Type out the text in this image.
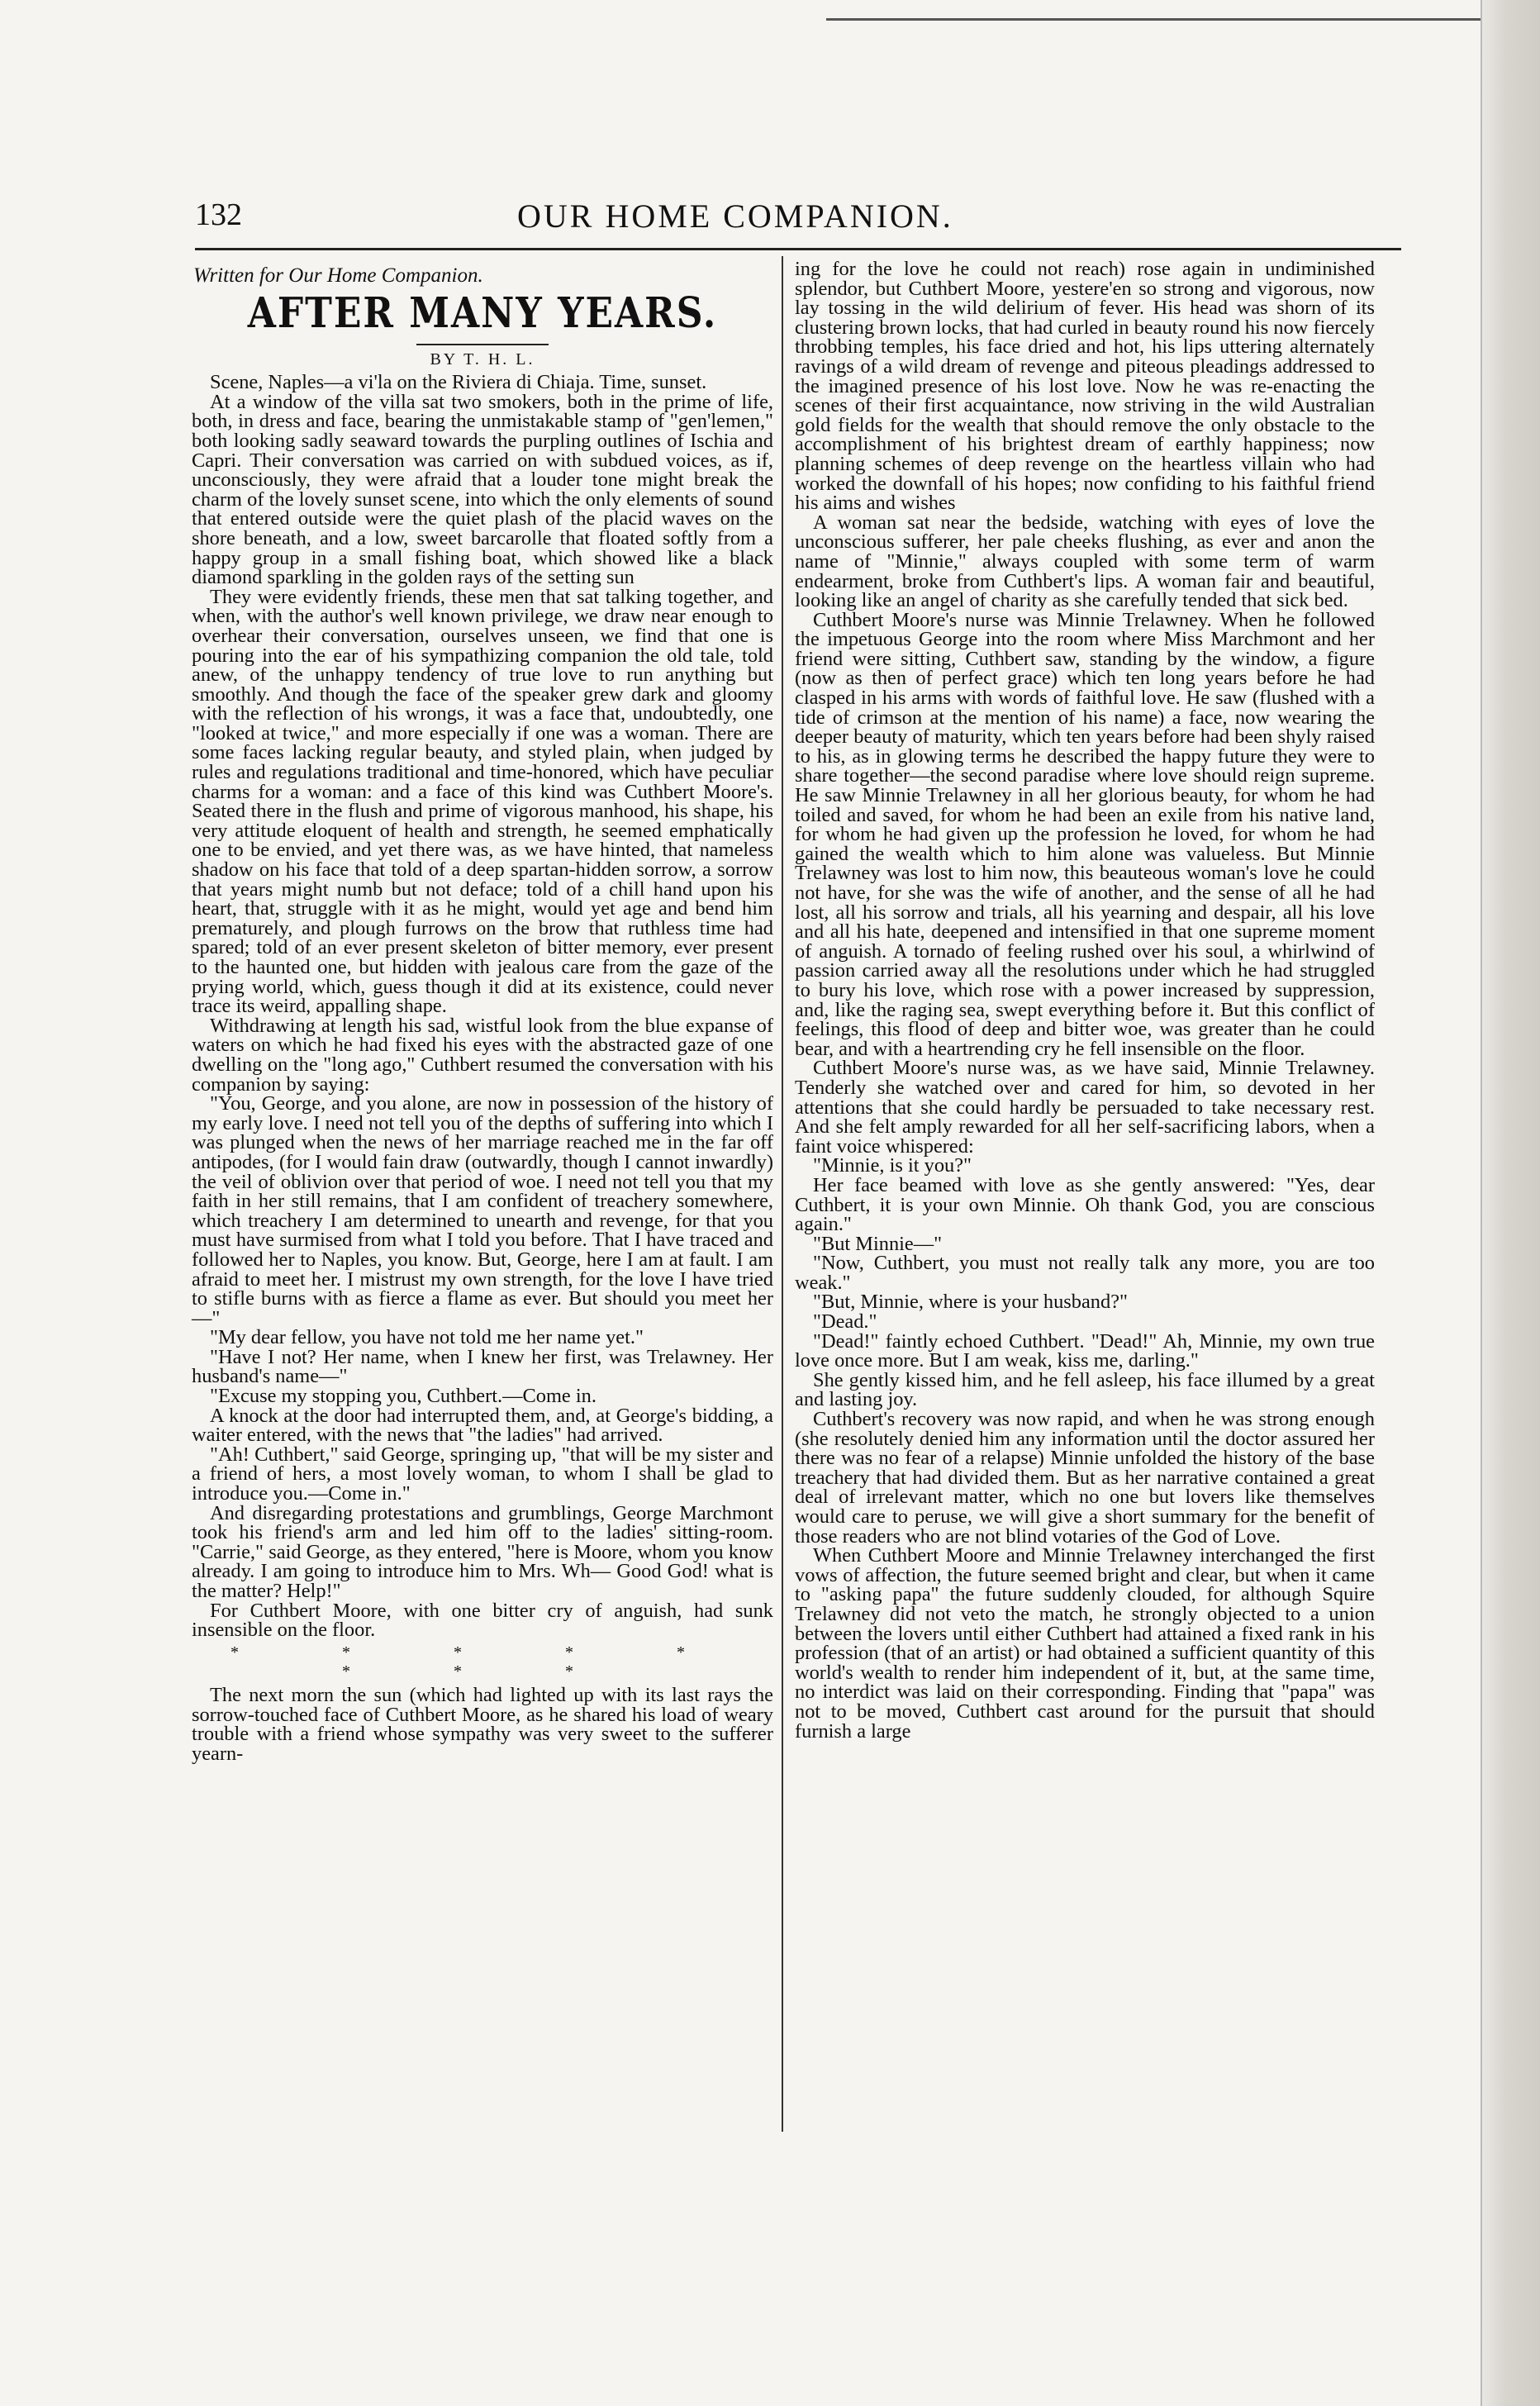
132	OUR HOME COMPANION.

Written for Our Home Companion.

AFTER MANY YEARS.
BY T. H. L.

Scene, Naples—a vi'la on the Riviera di Chiaja. Time, sunset.

At a window of the villa sat two smokers, both in the prime of life, both, in dress and face, bearing the unmistakable stamp of "gen'lemen," both looking sadly seaward towards the purpling outlines of Ischia and Capri. Their conversation was carried on with subdued voices, as if, unconsciously, they were afraid that a louder tone might break the charm of the lovely sunset scene, into which the only elements of sound that entered outside were the quiet plash of the placid waves on the shore beneath, and a low, sweet barcarolle that floated softly from a happy group in a small fishing boat, which showed like a black diamond sparkling in the golden rays of the setting sun

They were evidently friends, these men that sat talking together, and when, with the author's well known privilege, we draw near enough to overhear their conversation, ourselves unseen, we find that one is pouring into the ear of his sympathizing companion the old tale, told anew, of the unhappy tendency of true love to run anything but smoothly. And though the face of the speaker grew dark and gloomy with the reflection of his wrongs, it was a face that, undoubtedly, one "looked at twice," and more especially if one was a woman. There are some faces lacking regular beauty, and styled plain, when judged by rules and regulations traditional and time-honored, which have peculiar charms for a woman: and a face of this kind was Cuthbert Moore's. Seated there in the flush and prime of vigorous manhood, his shape, his very attitude eloquent of health and strength, he seemed emphatically one to be envied, and yet there was, as we have hinted, that nameless shadow on his face that told of a deep spartan-hidden sorrow, a sorrow that years might numb but not deface; told of a chill hand upon his heart, that, struggle with it as he might, would yet age and bend him prematurely, and plough furrows on the brow that ruthless time had spared; told of an ever present skeleton of bitter memory, ever present to the haunted one, but hidden with jealous care from the gaze of the prying world, which, guess though it did at its existence, could never trace its weird, appalling shape.

Withdrawing at length his sad, wistful look from the blue expanse of waters on which he had fixed his eyes with the abstracted gaze of one dwelling on the "long ago," Cuthbert resumed the conversation with his companion by saying:

"You, George, and you alone, are now in possession of the history of my early love. I need not tell you of the depths of suffering into which I was plunged when the news of her marriage reached me in the far off antipodes, (for I would fain draw (outwardly, though I cannot inwardly) the veil of oblivion over that period of woe. I need not tell you that my faith in her still remains, that I am confident of treachery somewhere, which treachery I am determined to unearth and revenge, for that you must have surmised from what I told you before. That I have traced and followed her to Naples, you know. But, George, here I am at fault. I am afraid to meet her. I mistrust my own strength, for the love I have tried to stifle burns with as fierce a flame as ever. But should you meet her—"

"My dear fellow, you have not told me her name yet."

"Have I not? Her name, when I knew her first, was Trelawney. Her husband's name—"

"Excuse my stopping you, Cuthbert.—Come in.

A knock at the door had interrupted them, and, at George's bidding, a waiter entered, with the news that "the ladies" had arrived.

"Ah! Cuthbert," said George, springing up, "that will be my sister and a friend of hers, a most lovely woman, to whom I shall be glad to introduce you.—Come in."

And disregarding protestations and grumblings, George Marchmont took his friend's arm and led him off to the ladies' sitting-room. "Carrie," said George, as they entered, "here is Moore, whom you know already. I am going to introduce him to Mrs. Wh— Good God! what is the matter? Help!"

For Cuthbert Moore, with one bitter cry of anguish, had sunk insensible on the floor.

* * * * * * * *

The next morn the sun (which had lighted up with its last rays the sorrow-touched face of Cuthbert Moore, as he shared his load of weary trouble with a friend whose sympathy was very sweet to the sufferer yearn-

ing for the love he could not reach) rose again in undiminished splendor, but Cuthbert Moore, yestere'en so strong and vigorous, now lay tossing in the wild delirium of fever. His head was shorn of its clustering brown locks, that had curled in beauty round his now fiercely throbbing temples, his face dried and hot, his lips uttering alternately ravings of a wild dream of revenge and piteous pleadings addressed to the imagined presence of his lost love. Now he was re-enacting the scenes of their first acquaintance, now striving in the wild Australian gold fields for the wealth that should remove the only obstacle to the accomplishment of his brightest dream of earthly happiness; now planning schemes of deep revenge on the heartless villain who had worked the downfall of his hopes; now confiding to his faithful friend his aims and wishes

A woman sat near the bedside, watching with eyes of love the unconscious sufferer, her pale cheeks flushing, as ever and anon the name of "Minnie," always coupled with some term of warm endearment, broke from Cuthbert's lips. A woman fair and beautiful, looking like an angel of charity as she carefully tended that sick bed.

Cuthbert Moore's nurse was Minnie Trelawney. When he followed the impetuous George into the room where Miss Marchmont and her friend were sitting, Cuthbert saw, standing by the window, a figure (now as then of perfect grace) which ten long years before he had clasped in his arms with words of faithful love. He saw (flushed with a tide of crimson at the mention of his name) a face, now wearing the deeper beauty of maturity, which ten years before had been shyly raised to his, as in glowing terms he described the happy future they were to share together—the second paradise where love should reign supreme. He saw Minnie Trelawney in all her glorious beauty, for whom he had toiled and saved, for whom he had been an exile from his native land, for whom he had given up the profession he loved, for whom he had gained the wealth which to him alone was valueless. But Minnie Trelawney was lost to him now, this beauteous woman's love he could not have, for she was the wife of another, and the sense of all he had lost, all his sorrow and trials, all his yearning and despair, all his love and all his hate, deepened and intensified in that one supreme moment of anguish. A tornado of feeling rushed over his soul, a whirlwind of passion carried away all the resolutions under which he had struggled to bury his love, which rose with a power increased by suppression, and, like the raging sea, swept everything before it. But this conflict of feelings, this flood of deep and bitter woe, was greater than he could bear, and with a heartrending cry he fell insensible on the floor.

Cuthbert Moore's nurse was, as we have said, Minnie Trelawney. Tenderly she watched over and cared for him, so devoted in her attentions that she could hardly be persuaded to take necessary rest. And she felt amply rewarded for all her self-sacrificing labors, when a faint voice whispered:

"Minnie, is it you?"

Her face beamed with love as she gently answered: "Yes, dear Cuthbert, it is your own Minnie. Oh thank God, you are conscious again."

"But Minnie—"

"Now, Cuthbert, you must not really talk any more, you are too weak."

"But, Minnie, where is your husband?"

"Dead."

"Dead!" faintly echoed Cuthbert. "Dead!" Ah, Minnie, my own true love once more. But I am weak, kiss me, darling."

She gently kissed him, and he fell asleep, his face illumed by a great and lasting joy.

Cuthbert's recovery was now rapid, and when he was strong enough (she resolutely denied him any information until the doctor assured her there was no fear of a relapse) Minnie unfolded the history of the base treachery that had divided them. But as her narrative contained a great deal of irrelevant matter, which no one but lovers like themselves would care to peruse, we will give a short summary for the benefit of those readers who are not blind votaries of the God of Love.

When Cuthbert Moore and Minnie Trelawney interchanged the first vows of affection, the future seemed bright and clear, but when it came to "asking papa" the future suddenly clouded, for although Squire Trelawney did not veto the match, he strongly objected to a union between the lovers until either Cuthbert had attained a fixed rank in his profession (that of an artist) or had obtained a sufficient quantity of this world's wealth to render him independent of it, but, at the same time, no interdict was laid on their corresponding. Finding that "papa" was not to be moved, Cuthbert cast around for the pursuit that should furnish a large
